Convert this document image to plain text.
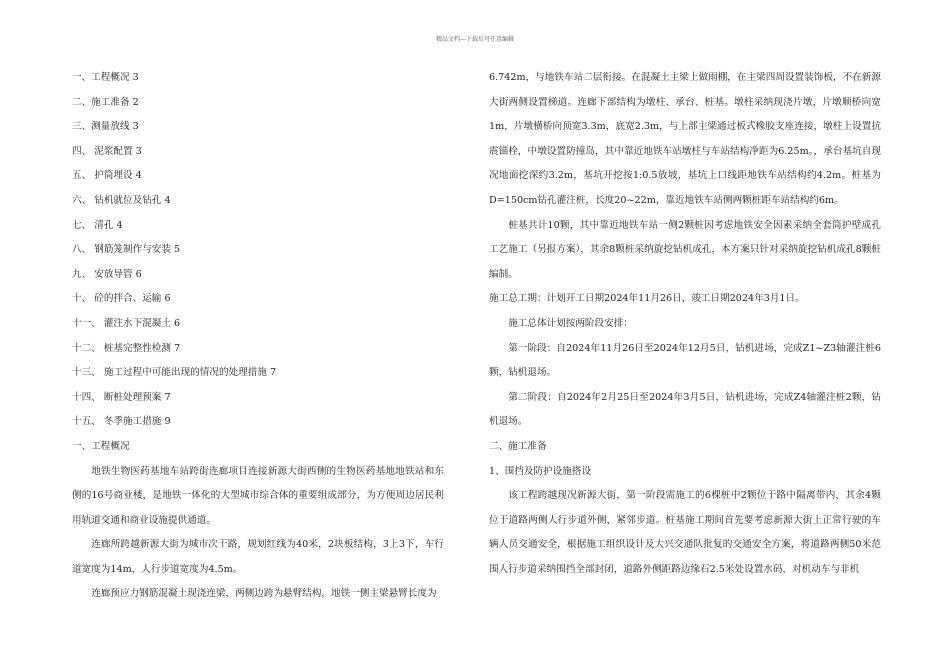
精品文档---下载后可任意编辑
一、工程概况 3
二、施工准备 2
三、测量放线 3
四、 泥浆配置 3
五、 护筒埋设 4
六、 钻机就位及钻孔 4
七、 清孔 4
八、 钢筋笼制作与安装 5
九、 安放导管 6
十、 砼的拌合、运输 6
十一、 灌注水下混凝土 6
十二、 桩基完整性检测 7
十三、 施工过程中可能出现的情况的处理措施 7
十四、 断桩处理预案 7
十五、 冬季施工措施 9
一、工程概况

地铁生物医药基地车站跨街连廊项目连接新源大街西侧的生物医药基地地铁站和东侧的16号商业楼，是地铁一体化的大型城市综合体的重要组成部分，为方便周边居民利用轨道交通和商业设施提供通道。

连廊所跨越新源大街为城市次干路，规划红线为40米，2块板结构，3上3下，车行道宽度为14m，人行步道宽度为4.5m。

连廊预应力钢筋混凝土现浇连梁，两侧边跨为悬臂结构，地铁一侧主梁悬臂长度为

6.742m，与地铁车站二层衔接。在混凝土主梁上做雨棚，在主梁四周设置装饰板，不在新源大街两侧设置梯道。连廊下部结构为墩柱、承台、桩基。墩柱采纳现浇片墩，片墩顺桥向宽1m，片墩横桥向顶宽3.3m，底宽2.3m，与上部主梁通过板式橡胶支座连接，墩柱上设置抗震锚栓，中墩设置防撞岛，其中靠近地铁车站墩柱与车站结构净距为6.25m。，承台基坑自现况地面挖深约3.2m，基坑开挖按1:0.5放坡，基坑上口线距地铁车站结构约4.2m。桩基为D=150cm钻孔灌注桩，长度20~22m，靠近地铁车站侧两颗桩距车站结构约6m。

桩基共计10颗，其中靠近地铁车站一侧2颗桩因考虑地铁安全因素采纳全套筒护壁成孔工艺施工（另报方案），其余8颗桩采纳旋挖钻机成孔，本方案只针对采纳旋挖钻机成孔8颗桩编制。

施工总工期：计划开工日期2024年11月26日，竣工日期2024年3月1日。

施工总体计划按两阶段安排：

第一阶段：自2024年11月26日至2024年12月5日，钻机进场，完成Z1~Z3轴灌注桩6颗，钻机退场。

第二阶段：自2024年2月25日至2024年3月5日，钻机进场，完成Z4轴灌注桩2颗，钻机退场。

二、施工准备
1、围挡及防护设施搭设

该工程跨越现况新源大街，第一阶段需施工的6棵桩中2颗位于路中隔离带内，其余4颗位于道路两侧人行步道外侧，紧邻步道。桩基施工期间首先要考虑新源大街上正常行驶的车辆人员交通安全，根据施工组织设计及大兴交通队批复的交通安全方案，将道路两侧50米范围人行步道采纳围挡全部封闭，道路外侧距路边缘石2.5米处设置水码，对机动车与非机
